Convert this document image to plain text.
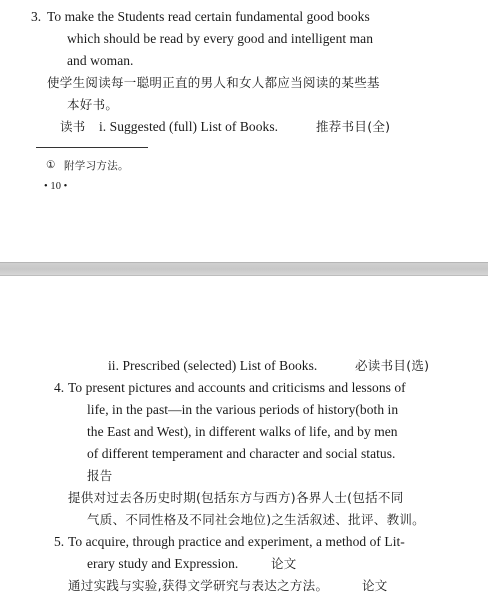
3. To make the Students read certain fundamental good books
which should be read by every good and intelligent man
and woman.
使学生阅读每一聪明正直的男人和女人都应当阅读的某些基
本好书。
读书 i. Suggested (full) List of Books.	推荐书目(全)
① 附学习方法。
• 10 •
ii. Prescribed (selected) List of Books.	必读书目(选)
4. To present pictures and accounts and criticisms and lessons of
life, in the past—in the various periods of history(both in
the East and West), in different walks of life, and by men
of different temperament and character and social status.
报告
提供对过去各历史时期(包括东方与西方)各界人士(包括不同
气质、不同性格及不同社会地位)之生活叙述、批评、教训。
5. To acquire, through practice and experiment, a method of Lit-
erary study and Expression.	论文
通过实践与实验,获得文学研究与表达之方法。	论文
